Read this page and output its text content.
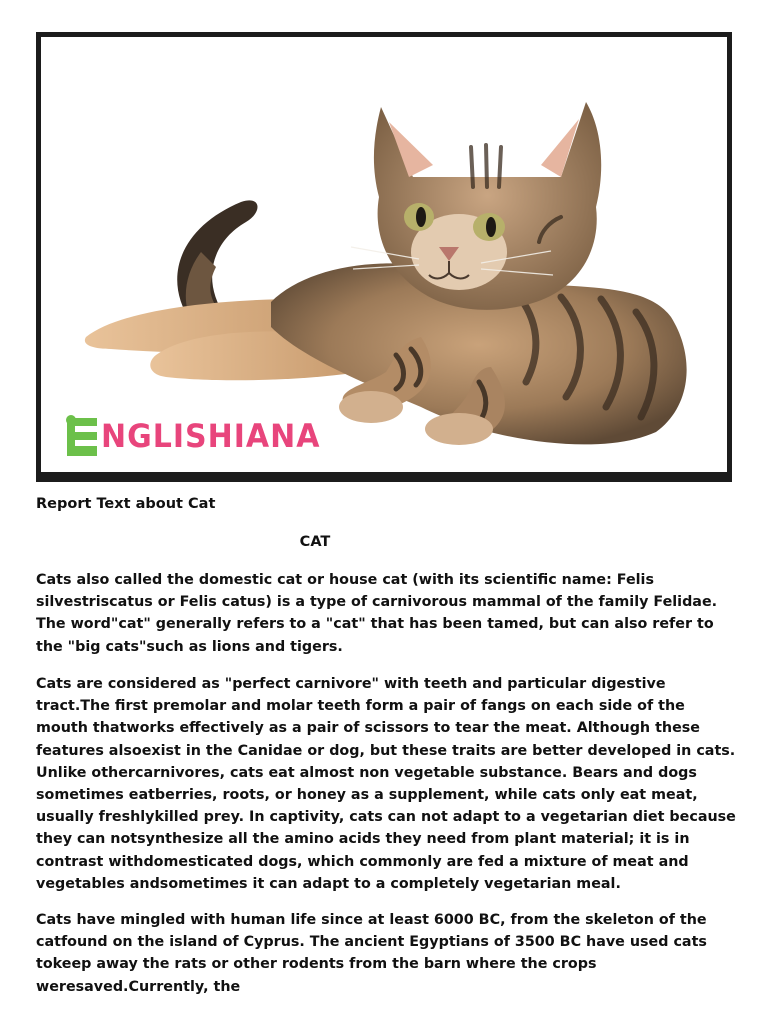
NGLISHIANA

Report Text about Cat

CAT

Cats also called the domestic cat or house cat (with its scientific name: Felis silvestriscatus or Felis catus) is a type of carnivorous mammal of the family Felidae. The word"cat" generally refers to a "cat" that has been tamed, but can also refer to the "big cats"such as lions and tigers.

Cats are considered as "perfect carnivore" with teeth and particular digestive tract.The first premolar and molar teeth form a pair of fangs on each side of the mouth thatworks effectively as a pair of scissors to tear the meat. Although these features alsoexist in the Canidae or dog, but these traits are better developed in cats. Unlike othercarnivores, cats eat almost non vegetable substance. Bears and dogs sometimes eatberries, roots, or honey as a supplement, while cats only eat meat, usually freshlykilled prey. In captivity, cats can not adapt to a vegetarian diet because they can notsynthesize all the amino acids they need from plant material; it is in contrast withdomesticated dogs, which commonly are fed a mixture of meat and vegetables andsometimes it can adapt to a completely vegetarian meal.

Cats have mingled with human life since at least 6000 BC, from the skeleton of the catfound on the island of Cyprus. The ancient Egyptians of 3500 BC have used cats tokeep away the rats or other rodents from the barn where the crops weresaved.Currently, the
